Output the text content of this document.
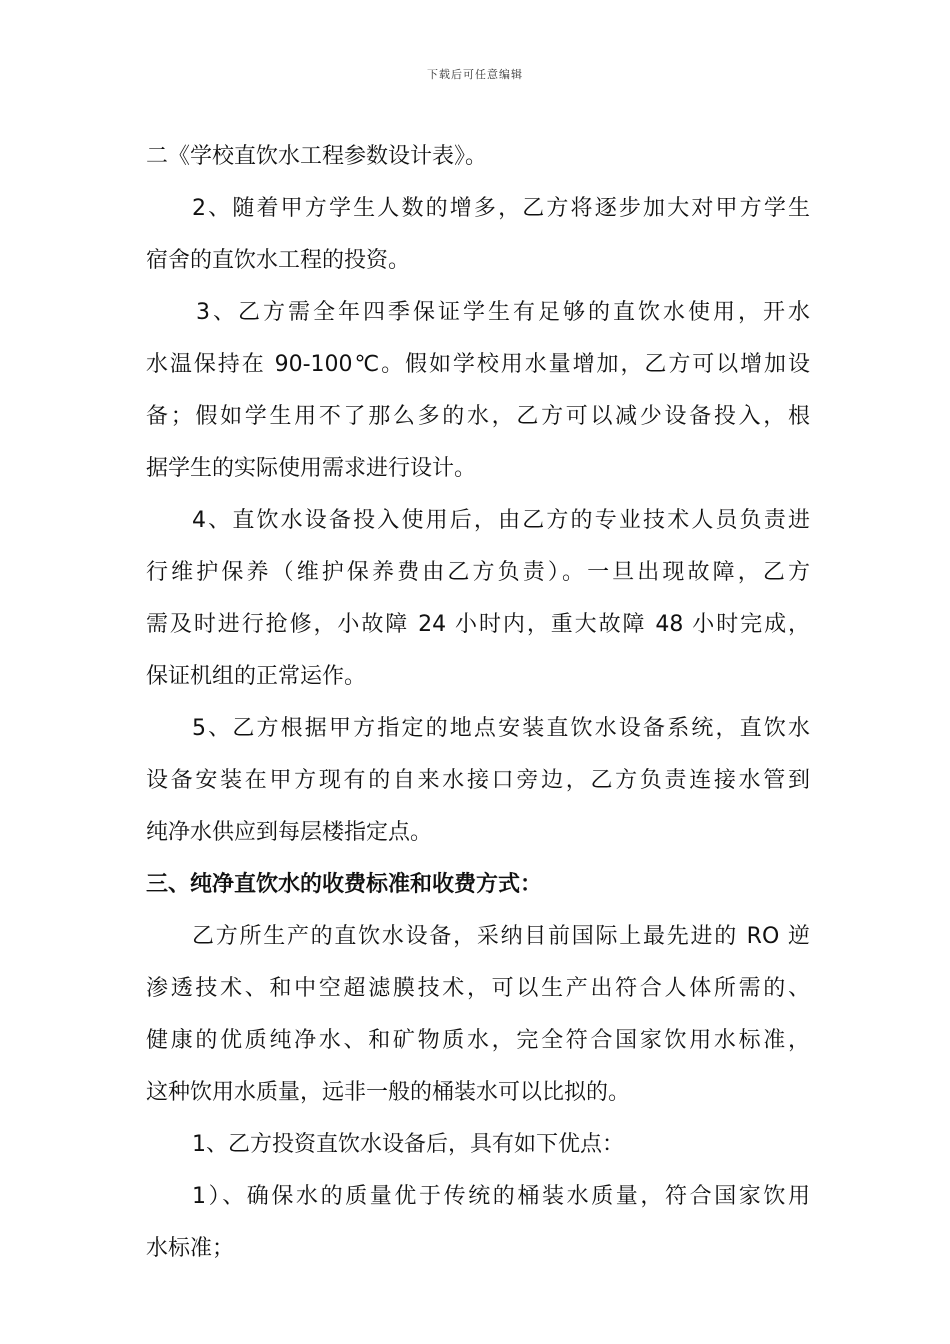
下载后可任意编辑
二《学校直饮水工程参数设计表》。
2、随着甲方学生人数的增多，乙方将逐步加大对甲方学生
宿舍的直饮水工程的投资。
3、乙方需全年四季保证学生有足够的直饮水使用，开水
水温保持在 90-100℃。假如学校用水量增加，乙方可以增加设
备；假如学生用不了那么多的水，乙方可以减少设备投入，根
据学生的实际使用需求进行设计。
4、直饮水设备投入使用后，由乙方的专业技术人员负责进
行维护保养（维护保养费由乙方负责）。一旦出现故障，乙方
需及时进行抢修，小故障 24 小时内，重大故障 48 小时完成，
保证机组的正常运作。
5、乙方根据甲方指定的地点安装直饮水设备系统，直饮水
设备安装在甲方现有的自来水接口旁边，乙方负责连接水管到
纯净水供应到每层楼指定点。
三、纯净直饮水的收费标准和收费方式：
乙方所生产的直饮水设备，采纳目前国际上最先进的 RO 逆
渗透技术、和中空超滤膜技术，可以生产出符合人体所需的、
健康的优质纯净水、和矿物质水，完全符合国家饮用水标准，
这种饮用水质量，远非一般的桶装水可以比拟的。
1、乙方投资直饮水设备后，具有如下优点：
1）、确保水的质量优于传统的桶装水质量，符合国家饮用
水标准；
